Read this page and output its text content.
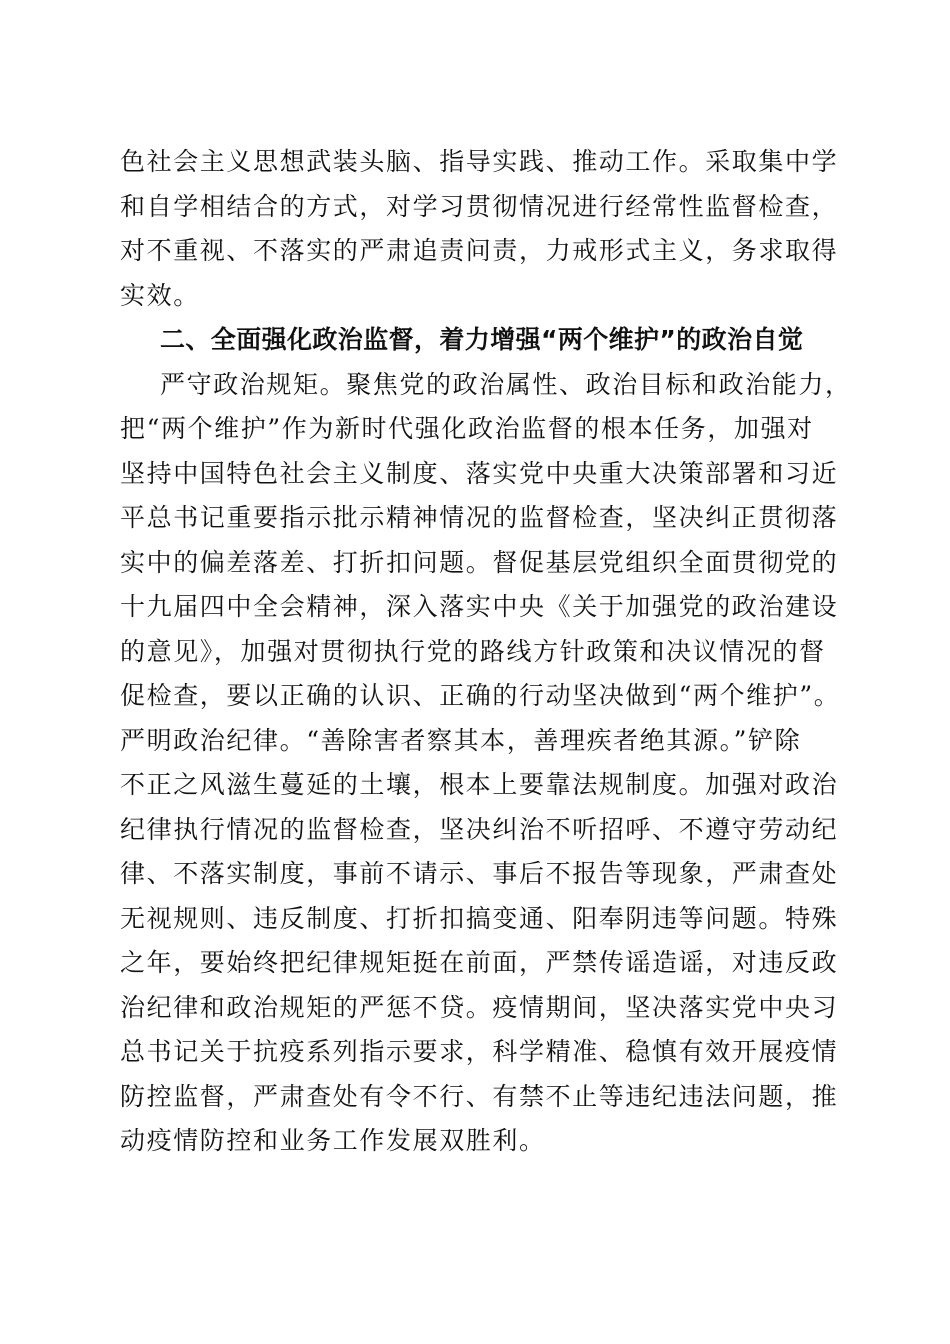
色社会主义思想武装头脑、指导实践、推动工作。采取集中学
和自学相结合的方式，对学习贯彻情况进行经常性监督检查，
对不重视、不落实的严肃追责问责，力戒形式主义，务求取得
实效。
二、全面强化政治监督，着力增强“两个维护”的政治自觉
严守政治规矩。聚焦党的政治属性、政治目标和政治能力，
把“两个维护”作为新时代强化政治监督的根本任务，加强对
坚持中国特色社会主义制度、落实党中央重大决策部署和习近
平总书记重要指示批示精神情况的监督检查，坚决纠正贯彻落
实中的偏差落差、打折扣问题。督促基层党组织全面贯彻党的
十九届四中全会精神，深入落实中央《关于加强党的政治建设
的意见》，加强对贯彻执行党的路线方针政策和决议情况的督
促检查，要以正确的认识、正确的行动坚决做到“两个维护”。
严明政治纪律。“善除害者察其本，善理疾者绝其源。”铲除
不正之风滋生蔓延的土壤，根本上要靠法规制度。加强对政治
纪律执行情况的监督检查，坚决纠治不听招呼、不遵守劳动纪
律、不落实制度，事前不请示、事后不报告等现象，严肃查处
无视规则、违反制度、打折扣搞变通、阳奉阴违等问题。特殊
之年，要始终把纪律规矩挺在前面，严禁传谣造谣，对违反政
治纪律和政治规矩的严惩不贷。疫情期间，坚决落实党中央习
总书记关于抗疫系列指示要求，科学精准、稳慎有效开展疫情
防控监督，严肃查处有令不行、有禁不止等违纪违法问题，推
动疫情防控和业务工作发展双胜利。
